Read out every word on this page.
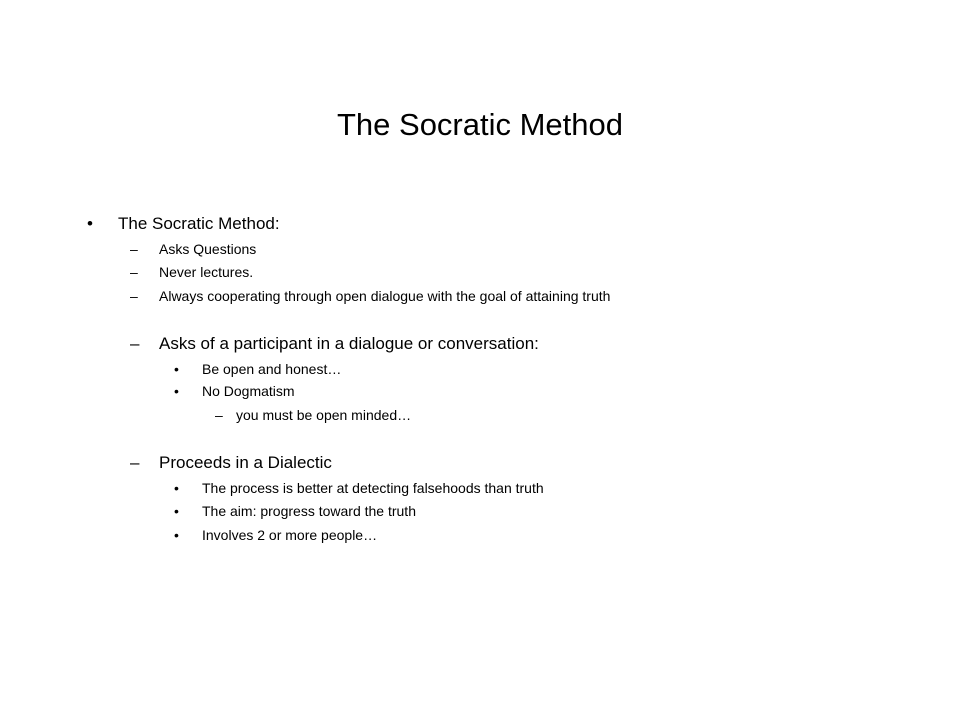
The Socratic Method
• The Socratic Method:
– Asks Questions
– Never lectures.
– Always cooperating through open dialogue with the goal of attaining truth
– Asks of a participant in a dialogue or conversation:
• Be open and honest…
• No Dogmatism
– you must be open minded…
– Proceeds in a Dialectic
• The process is better at detecting falsehoods than truth
• The aim: progress toward the truth
• Involves 2 or more people…
